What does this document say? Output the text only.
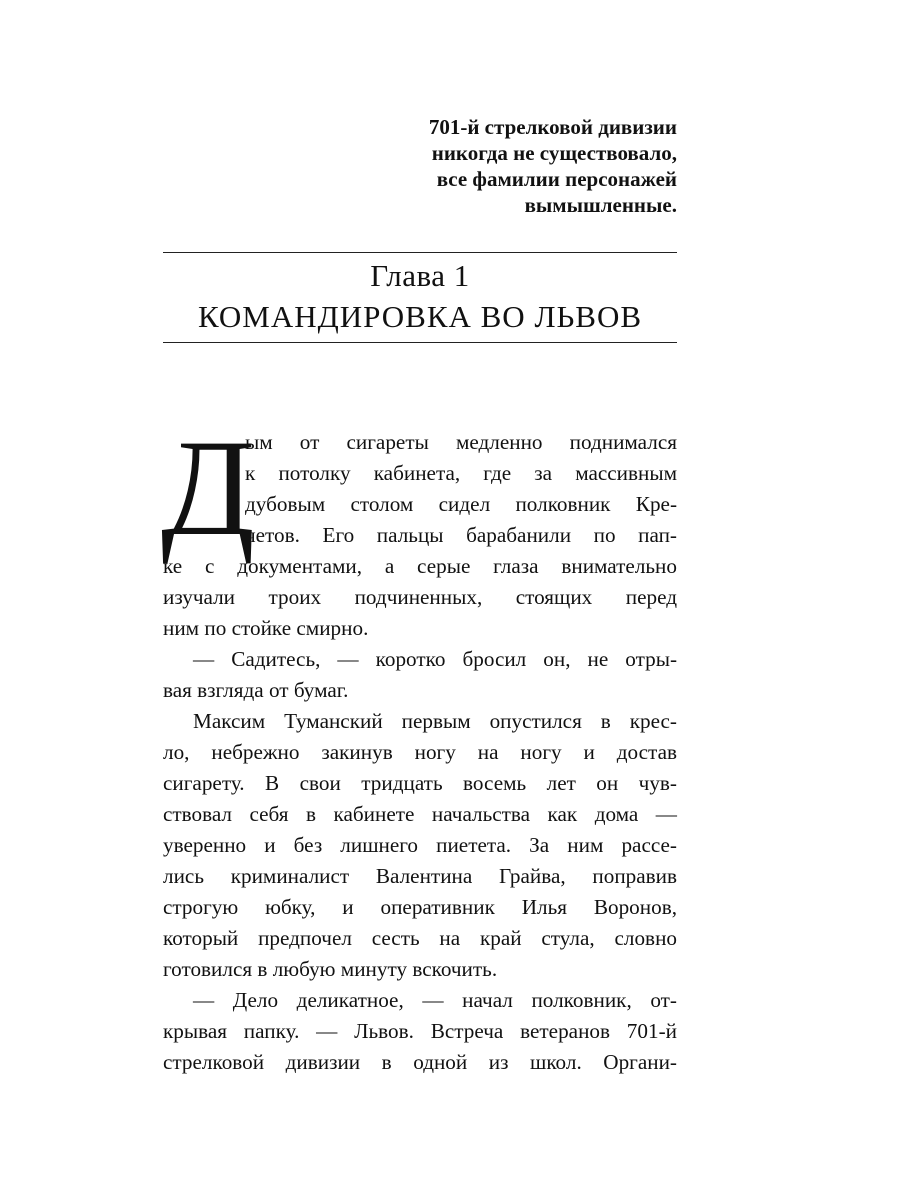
701-й стрелковой дивизии
никогда не существовало,
все фамилии персонажей
вымышленные.
Глава 1
КОМАНДИРОВКА ВО ЛЬВОВ
Д
ым от сигареты медленно поднимался
к потолку кабинета, где за массивным
дубовым столом сидел полковник Кре-
четов. Его пальцы барабанили по пап-
ке с документами, а серые глаза внимательно
изучали троих подчиненных, стоящих перед
ним по стойке смирно.
— Садитесь, — коротко бросил он, не отры-
вая взгляда от бумаг.
Максим Туманский первым опустился в крес-
ло, небрежно закинув ногу на ногу и достав
сигарету. В свои тридцать восемь лет он чув-
ствовал себя в кабинете начальства как дома —
уверенно и без лишнего пиетета. За ним рассе-
лись криминалист Валентина Грайва, поправив
строгую юбку, и оперативник Илья Воронов,
который предпочел сесть на край стула, словно
готовился в любую минуту вскочить.
— Дело деликатное, — начал полковник, от-
крывая папку. — Львов. Встреча ветеранов 701-й
стрелковой дивизии в одной из школ. Органи-
